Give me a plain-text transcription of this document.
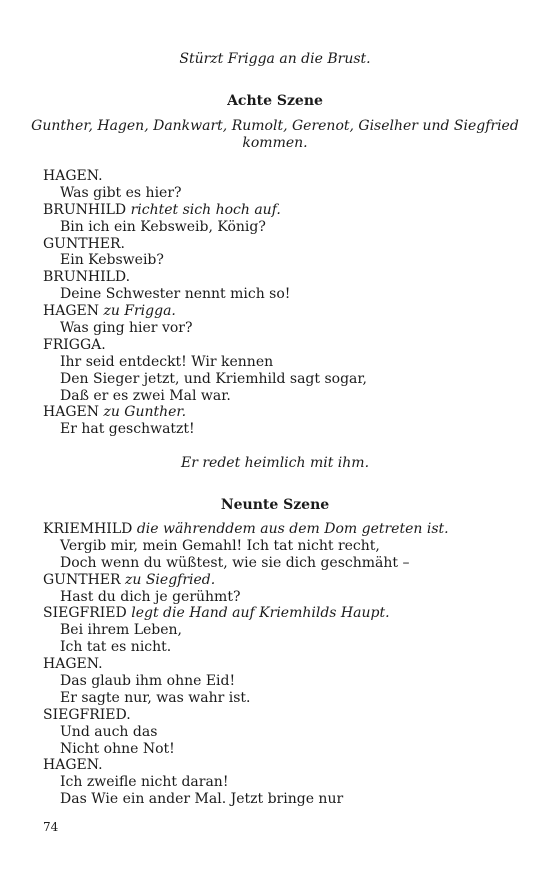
Stürzt Frigga an die Brust.
Achte Szene
Gunther, Hagen, Dankwart, Rumolt, Gerenot, Giselher und Siegfried
kommen.
HAGEN.
Was gibt es hier?
BRUNHILD richtet sich hoch auf.
Bin ich ein Kebsweib, König?
GUNTHER.
Ein Kebsweib?
BRUNHILD.
Deine Schwester nennt mich so!
HAGEN zu Frigga.
Was ging hier vor?
FRIGGA.
Ihr seid entdeckt! Wir kennen
Den Sieger jetzt, und Kriemhild sagt sogar,
Daß er es zwei Mal war.
HAGEN zu Gunther.
Er hat geschwatzt!
Er redet heimlich mit ihm.
Neunte Szene
KRIEMHILD die währenddem aus dem Dom getreten ist.
Vergib mir, mein Gemahl! Ich tat nicht recht,
Doch wenn du wüßtest, wie sie dich geschmäht –
GUNTHER zu Siegfried.
Hast du dich je gerühmt?
SIEGFRIED legt die Hand auf Kriemhilds Haupt.
Bei ihrem Leben,
Ich tat es nicht.
HAGEN.
Das glaub ihm ohne Eid!
Er sagte nur, was wahr ist.
SIEGFRIED.
Und auch das
Nicht ohne Not!
HAGEN.
Ich zweifle nicht daran!
Das Wie ein ander Mal. Jetzt bringe nur
74
